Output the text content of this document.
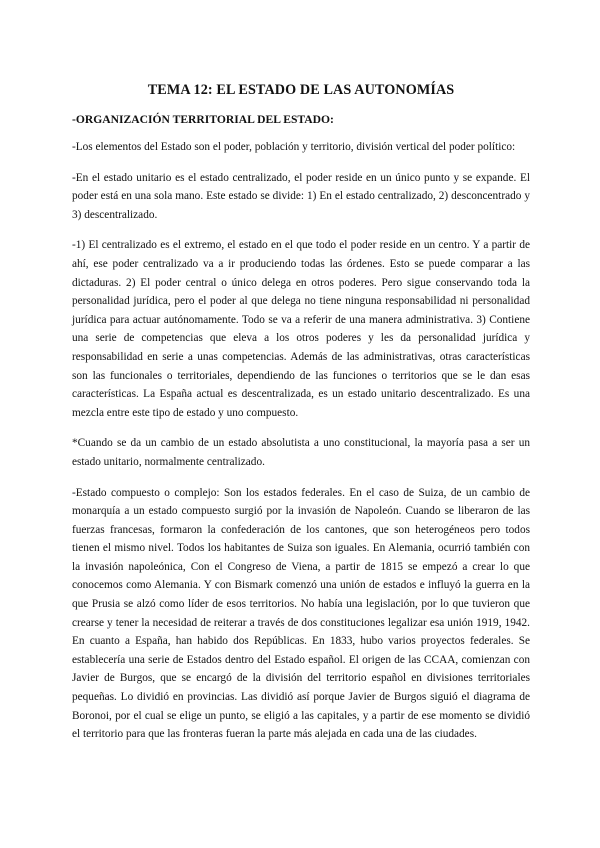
TEMA 12: EL ESTADO DE LAS AUTONOMÍAS
-ORGANIZACIÓN TERRITORIAL DEL ESTADO:

-Los elementos del Estado son el poder, población y territorio, división vertical del poder político:

-En el estado unitario es el estado centralizado, el poder reside en un único punto y se expande. El poder está en una sola mano. Este estado se divide: 1) En el estado centralizado, 2) desconcentrado y 3) descentralizado.

-1) El centralizado es el extremo, el estado en el que todo el poder reside en un centro. Y a partir de ahí, ese poder centralizado va a ir produciendo todas las órdenes. Esto se puede comparar a las dictaduras. 2) El poder central o único delega en otros poderes. Pero sigue conservando toda la personalidad jurídica, pero el poder al que delega no tiene ninguna responsabilidad ni personalidad jurídica para actuar autónomamente. Todo se va a referir de una manera administrativa. 3) Contiene una serie de competencias que eleva a los otros poderes y les da personalidad jurídica y responsabilidad en serie a unas competencias. Además de las administrativas, otras características son las funcionales o territoriales, dependiendo de las funciones o territorios que se le dan esas características. La España actual es descentralizada, es un estado unitario descentralizado. Es una mezcla entre este tipo de estado y uno compuesto.

*Cuando se da un cambio de un estado absolutista a uno constitucional, la mayoría pasa a ser un estado unitario, normalmente centralizado.

-Estado compuesto o complejo: Son los estados federales. En el caso de Suiza, de un cambio de monarquía a un estado compuesto surgió por la invasión de Napoleón. Cuando se liberaron de las fuerzas francesas, formaron la confederación de los cantones, que son heterogéneos pero todos tienen el mismo nivel. Todos los habitantes de Suiza son iguales. En Alemania, ocurrió también con la invasión napoleónica, Con el Congreso de Viena, a partir de 1815 se empezó a crear lo que conocemos como Alemania. Y con Bismark comenzó una unión de estados e influyó la guerra en la que Prusia se alzó como líder de esos territorios. No había una legislación, por lo que tuvieron que crearse y tener la necesidad de reiterar a través de dos constituciones legalizar esa unión 1919, 1942. En cuanto a España, han habido dos Repúblicas. En 1833, hubo varios proyectos federales. Se establecería una serie de Estados dentro del Estado español. El origen de las CCAA, comienzan con Javier de Burgos, que se encargó de la división del territorio español en divisiones territoriales pequeñas. Lo dividió en provincias. Las dividió así porque Javier de Burgos siguió el diagrama de Boronoi, por el cual se elige un punto, se eligió a las capitales, y a partir de ese momento se dividió el territorio para que las fronteras fueran la parte más alejada en cada una de las ciudades.
